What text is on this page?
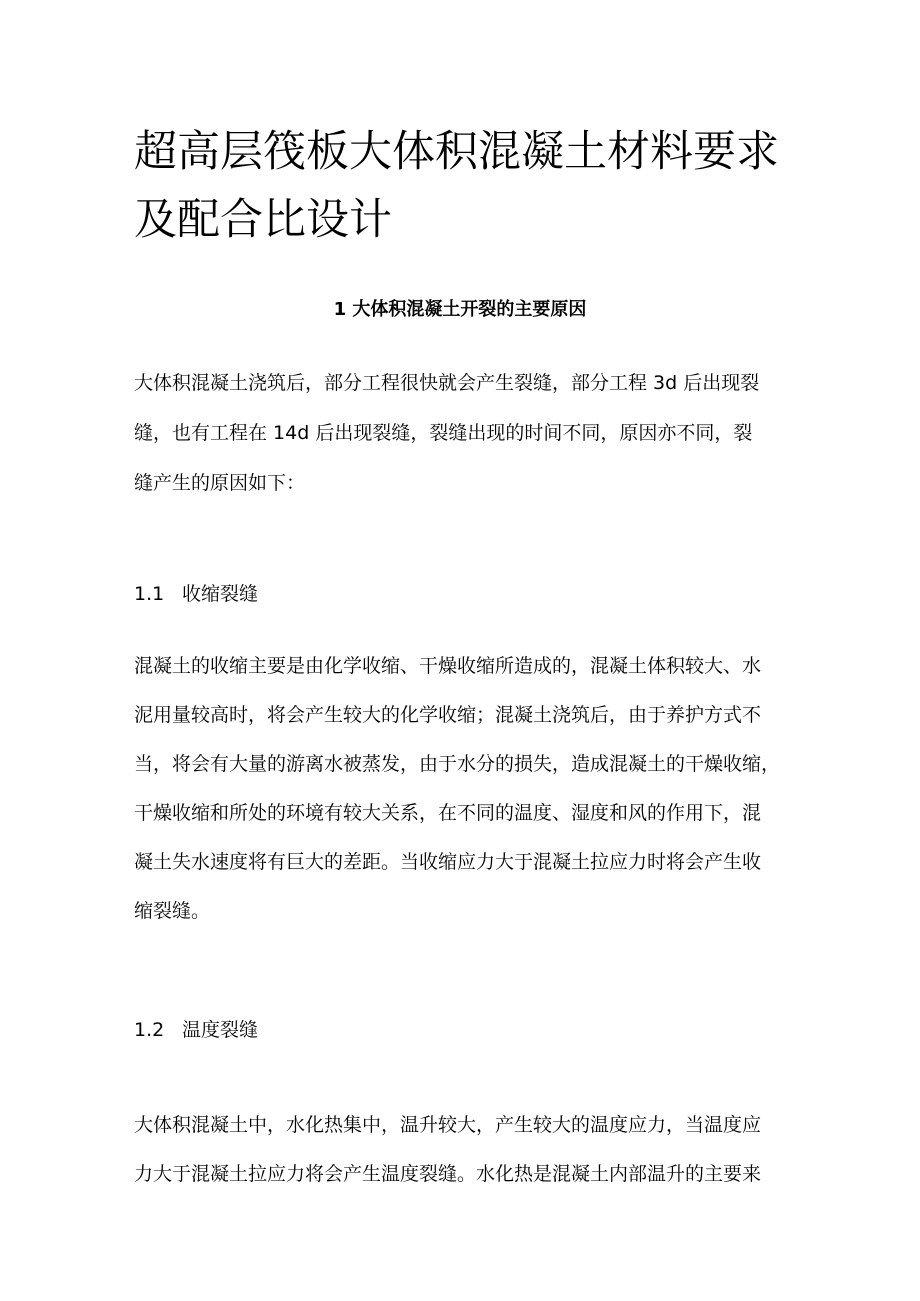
超高层筏板大体积混凝土材料要求
及配合比设计
1 大体积混凝土开裂的主要原因

大体积混凝土浇筑后，部分工程很快就会产生裂缝，部分工程 3d 后出现裂
缝，也有工程在 14d 后出现裂缝，裂缝出现的时间不同，原因亦不同，裂
缝产生的原因如下：

1.1 收缩裂缝

混凝土的收缩主要是由化学收缩、干燥收缩所造成的，混凝土体积较大、水
泥用量较高时，将会产生较大的化学收缩；混凝土浇筑后，由于养护方式不
当，将会有大量的游离水被蒸发，由于水分的损失，造成混凝土的干燥收缩，
干燥收缩和所处的环境有较大关系，在不同的温度、湿度和风的作用下，混
凝土失水速度将有巨大的差距。当收缩应力大于混凝土拉应力时将会产生收
缩裂缝。

1.2 温度裂缝

大体积混凝土中，水化热集中，温升较大，产生较大的温度应力，当温度应
力大于混凝土拉应力将会产生温度裂缝。水化热是混凝土内部温升的主要来
